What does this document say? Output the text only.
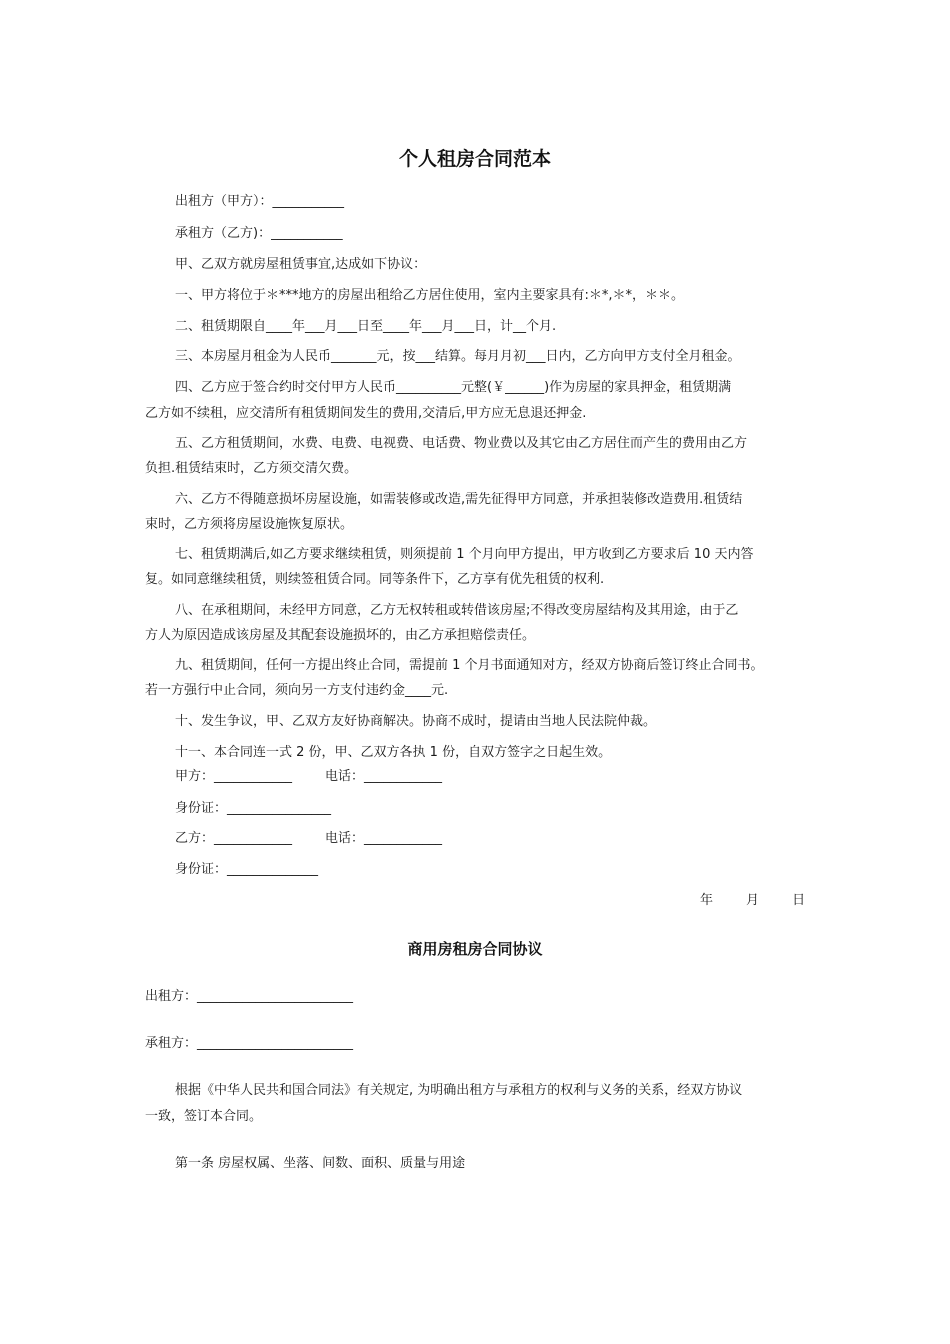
个人租房合同范本
出租方（甲方）：___________
承租方（乙方)：___________
甲、乙双方就房屋租赁事宜,达成如下协议：
一、甲方将位于＊***地方的房屋出租给乙方居住使用，室内主要家具有:＊*,＊*，＊＊。
二、租赁期限自____年___月___日至____年___月___日，计__个月.
三、本房屋月租金为人民币_______元，按___结算。每月月初___日内，乙方向甲方支付全月租金。
四、乙方应于签合约时交付甲方人民币__________元整(￥______)作为房屋的家具押金，租赁期满
乙方如不续租，应交清所有租赁期间发生的费用,交清后,甲方应无息退还押金.
五、乙方租赁期间，水费、电费、电视费、电话费、物业费以及其它由乙方居住而产生的费用由乙方
负担.租赁结束时，乙方须交清欠费。
六、乙方不得随意损坏房屋设施，如需装修或改造,需先征得甲方同意，并承担装修改造费用.租赁结
束时，乙方须将房屋设施恢复原状。
七、租赁期满后,如乙方要求继续租赁，则须提前 1 个月向甲方提出，甲方收到乙方要求后 10 天内答
复。如同意继续租赁，则续签租赁合同。同等条件下，乙方享有优先租赁的权利.
八、在承租期间，未经甲方同意，乙方无权转租或转借该房屋;不得改变房屋结构及其用途，由于乙
方人为原因造成该房屋及其配套设施损坏的，由乙方承担赔偿责任。
九、租赁期间，任何一方提出终止合同，需提前 1 个月书面通知对方，经双方协商后签订终止合同书。
若一方强行中止合同，须向另一方支付违约金____元.
十、发生争议，甲、乙双方友好协商解决。协商不成时，提请由当地人民法院仲裁。
十一、本合同连一式 2 份，甲、乙双方各执 1 份，自双方签字之日起生效。
甲方：____________        电话：____________
身份证：________________
乙方：____________        电话：____________
身份证：______________
年        月        日
商用房租房合同协议
出租方：________________________
承租方：________________________
根据《中华人民共和国合同法》有关规定, 为明确出租方与承租方的权利与义务的关系，经双方协议
一致，签订本合同。
第一条 房屋权属、坐落、间数、面积、质量与用途
